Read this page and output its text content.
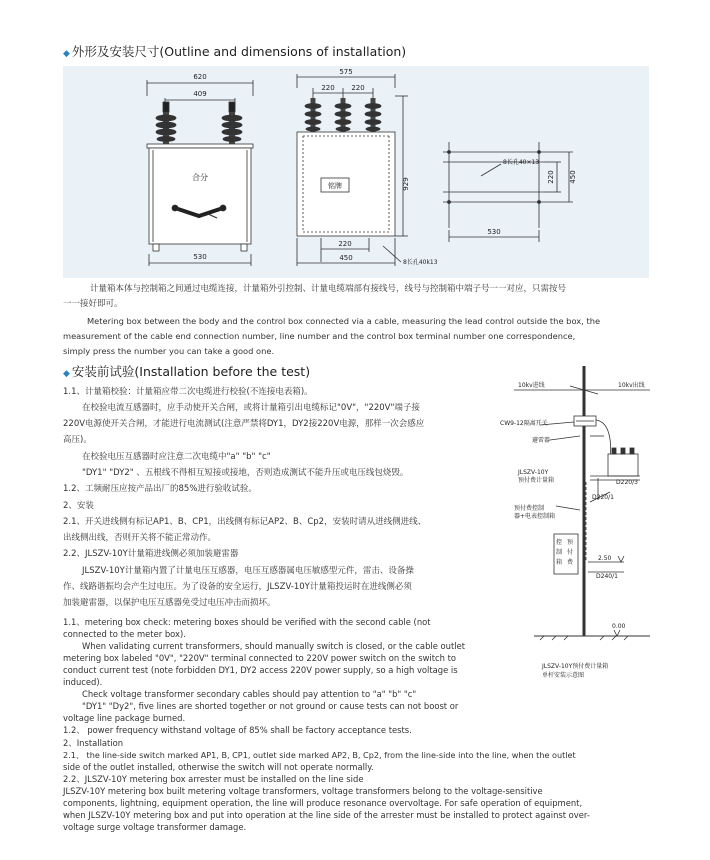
◆ 外形及安装尺寸(Outline and dimensions of installation)
620
409
530
575
220 220
220
450
929
8长孔40k13
铭牌
合分	220 450
530
8长孔40×13
计量箱本体与控制箱之间通过电缆连接，计量箱外引控制、计量电缆端部有接线号，线号与控制箱中端子号一一对应，只需按号
一一接好即可。
Metering box between the body and the control box connected via a cable, measuring the lead control outside the box, the
measurement of the cable end connection number, line number and the control box terminal number one correspondence,
simply press the number you can take a good one.
◆ 安装前试验(Installation before the test)
1.1、计量箱校验：计量箱应带二次电缆进行校验(不连接电表箱)。
在校验电流互感器时，应手动使开关合闸，或将计量箱引出电缆标记"0V"，"220V"端子接
220V电源使开关合闸，才能进行电流测试(注意严禁将DY1，DY2接220V电源，那样一次会感应
高压)。
在校验电压互感器时应注意二次电缆中"a" "b" "c"
"DY1" "DY2" 、五根线不得相互短接或接地，否则造成测试不能升压或电压线包烧毁。
1.2、工频耐压应按产品出厂的85%进行验收试验。
2、安装
2.1、开关进线侧有标记AP1、B、CP1，出线侧有标记AP2、B、Cp2，安装时请从进线侧进线、
出线侧出线，否则开关将不能正常动作。
2.2、JLSZV-10Y计量箱进线侧必须加装避雷器
JLSZV-10Y计量箱内置了计量电压互感器，电压互感器属电压敏感型元件，雷击、设备操
作、线路谐振均会产生过电压。为了设备的安全运行，JLSZV-10Y计量箱投运时在进线侧必须
加装避雷器，以保护电压互感器免受过电压冲击而损坏。
1.1、metering box check: metering boxes should be verified with the second cable (not
connected to the meter box).
When validating current transformers, should manually switch is closed, or the cable outlet
metering box labeled "0V", "220V" terminal connected to 220V power switch on the switch to
conduct current test (note forbidden DY1, DY2 access 220V power supply, so a high voltage is
induced).
Check voltage transformer secondary cables should pay attention to "a" "b" "c"
"DY1" "Dy2", five lines are shorted together or not ground or cause tests can not boost or
voltage line package burned.
1.2、 power frequency withstand voltage of 85% shall be factory acceptance tests.
2、Installation
2.1、 the line-side switch marked AP1, B, CP1, outlet side marked AP2, B, Cp2, from the line-side into the line, when the outlet
side of the outlet installed, otherwise the switch will not operate normally.
2.2、JLSZV-10Y metering box arrester must be installed on the line side
JLSZV-10Y metering box built metering voltage transformers, voltage transformers belong to the voltage-sensitive
components, lightning, equipment operation, the line will produce resonance overvoltage. For safe operation of equipment,
when JLSZV-10Y metering box and put into operation at the line side of the arrester must be installed to protect against over-
voltage surge voltage transformer damage.
10kv进线	10kv出线
CW9-12隔离开关
避雷器
JLSZV-10Y
预付费计量箱	D220/3
D220/1
预付费控制
器+电表控制箱
控 预
制 付
箱 费
2.50
D240/1
0.00
JLSZV-10Y预付费计量箱
单杆安装示意图
